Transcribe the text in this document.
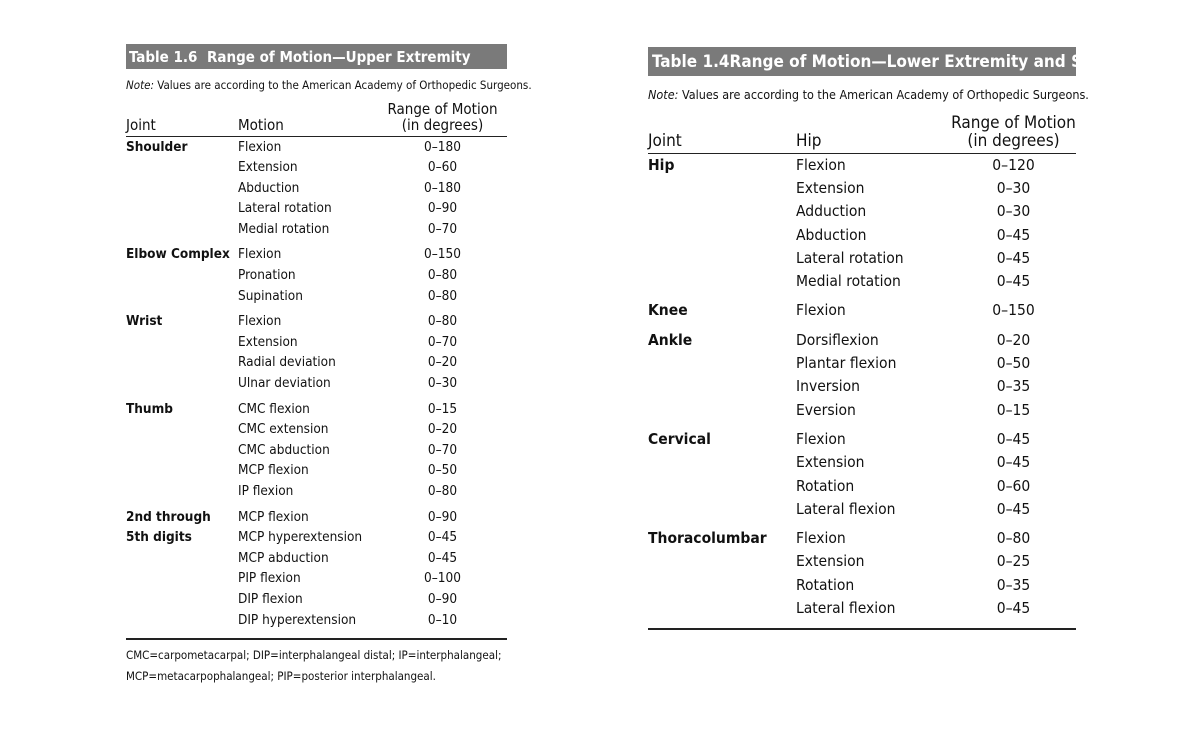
Table 1.6 Range of Motion—Upper Extremity
Note: Values are according to the American Academy of Orthopedic Surgeons.
Joint	Motion	Range of Motion
(in degrees)
Shoulder	Flexion	0–180
	Extension	0–60
	Abduction	0–180
	Lateral rotation	0–90
	Medial rotation	0–70
Elbow Complex	Flexion	0–150
	Pronation	0–80
	Supination	0–80
Wrist	Flexion	0–80
	Extension	0–70
	Radial deviation	0–20
	Ulnar deviation	0–30
Thumb	CMC flexion	0–15
	CMC extension	0–20
	CMC abduction	0–70
	MCP flexion	0–50
	IP flexion	0–80
2nd through	MCP flexion	0–90
5th digits	MCP hyperextension	0–45
	MCP abduction	0–45
	PIP flexion	0–100
	DIP flexion	0–90
	DIP hyperextension	0–10
CMC=carpometacarpal; DIP=interphalangeal distal; IP=interphalangeal;
MCP=metacarpophalangeal; PIP=posterior interphalangeal.
Table 1.4 Range of Motion—Lower Extremity and Spine
Note: Values are according to the American Academy of Orthopedic Surgeons.
Joint	Hip	Range of Motion
(in degrees)
Hip	Flexion	0–120
	Extension	0–30
	Adduction	0–30
	Abduction	0–45
	Lateral rotation	0–45
	Medial rotation	0–45
Knee	Flexion	0–150
Ankle	Dorsiflexion	0–20
	Plantar flexion	0–50
	Inversion	0–35
	Eversion	0–15
Cervical	Flexion	0–45
	Extension	0–45
	Rotation	0–60
	Lateral flexion	0–45
Thoracolumbar	Flexion	0–80
	Extension	0–25
	Rotation	0–35
	Lateral flexion	0–45
